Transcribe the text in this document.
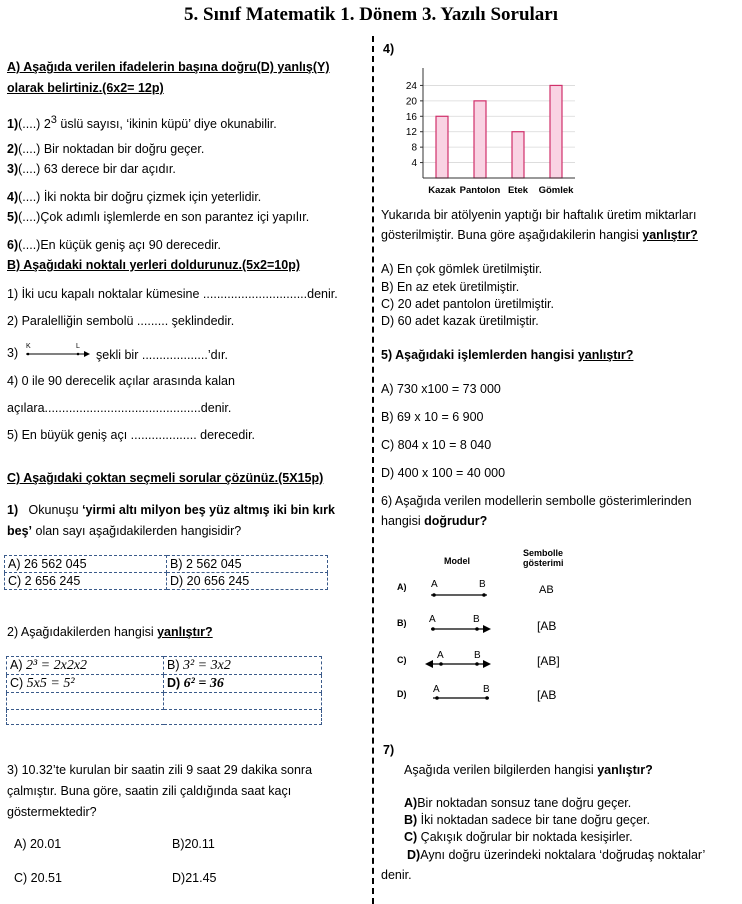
5. Sınıf Matematik 1. Dönem 3. Yazılı Soruları
A) Aşağıda verilen ifadelerin başına doğru(D) yanlış(Y)
olarak belirtiniz.(6x2= 12p)
1)(....) $2^3$ üslü sayısı, ‘ikinin küpü’ diye okunabilir.
2)(....) Bir noktadan bir doğru geçer.
3)(....) 63 derece bir dar açıdır.
4)(....) İki nokta bir doğru çizmek için yeterlidir.
5)(....)Çok adımlı işlemlerde en son parantez içi yapılır.
6)(....)En küçük geniş açı 90 derecedir.
B) Aşağıdaki noktalı yerleri doldurunuz.(5x2=10p)
1) İki ucu kapalı noktalar kümesine ..............................denir.
2) Paralelliğin sembolü ......... şeklindedir.
3) K	L
şekli bir ...................’dır.
4) 0 ile 90 derecelik açılar arasında kalan
açılara.............................................denir.
5) En büyük geniş açı ................... derecedir.
C) Aşağıdaki çoktan seçmeli sorular çözünüz.(5X15p)
1) Okunuşu ‘yirmi altı milyon beş yüz altmış iki bin kırk
beş’ olan sayı aşağıdakilerden hangisidir?
A) 26 562 045	B) 2 562 045
C) 2 656 245	D) 20 656 245
2) Aşağıdakilerden hangisi yanlıştır?
A) 2³ = 2x2x2	B) 3² = 3x2
C) 5x5 = 5²	D) 6² = 36

3) 10.32’te kurulan bir saatin zili 9 saat 29 dakika sonra
çalmıştır. Buna göre, saatin zili çaldığında saat kaçı
göstermektedir?
A) 20.01	B)20.11
C) 20.51	D)21.45
4)
4
8
12
16
20
24
Kazak Pantolon Etek Gömlek
Yukarıda bir atölyenin yaptığı bir haftalık üretim miktarları
gösterilmiştir. Buna göre aşağıdakilerin hangisi yanlıştır?
A) En çok gömlek üretilmiştir.
B) En az etek üretilmiştir.
C) 20 adet pantolon üretilmiştir.
D) 60 adet kazak üretilmiştir.
5) Aşağıdaki işlemlerden hangisi yanlıştır?
A) 730 x100 = 73 000
B) 69 x 10 = 6 900
C) 804 x 10 = 8 040
D) 400 x 100 = 40 000
6) Aşağıda verilen modellerin sembolle gösterimlerinden
hangisi doğrudur?
Model
Sembolle
gösterimi
A) A	B	AB
B) A	B	[AB
C)	A	B	[AB]
D)	A	B	[AB
7)
Aşağıda verilen bilgilerden hangisi yanlıştır?
A)Bir noktadan sonsuz tane doğru geçer.
B) İki noktadan sadece bir tane doğru geçer.
C) Çakışık doğrular bir noktada kesişirler.
D)Aynı doğru üzerindeki noktalara ‘doğrudaş noktalar’
denir.
